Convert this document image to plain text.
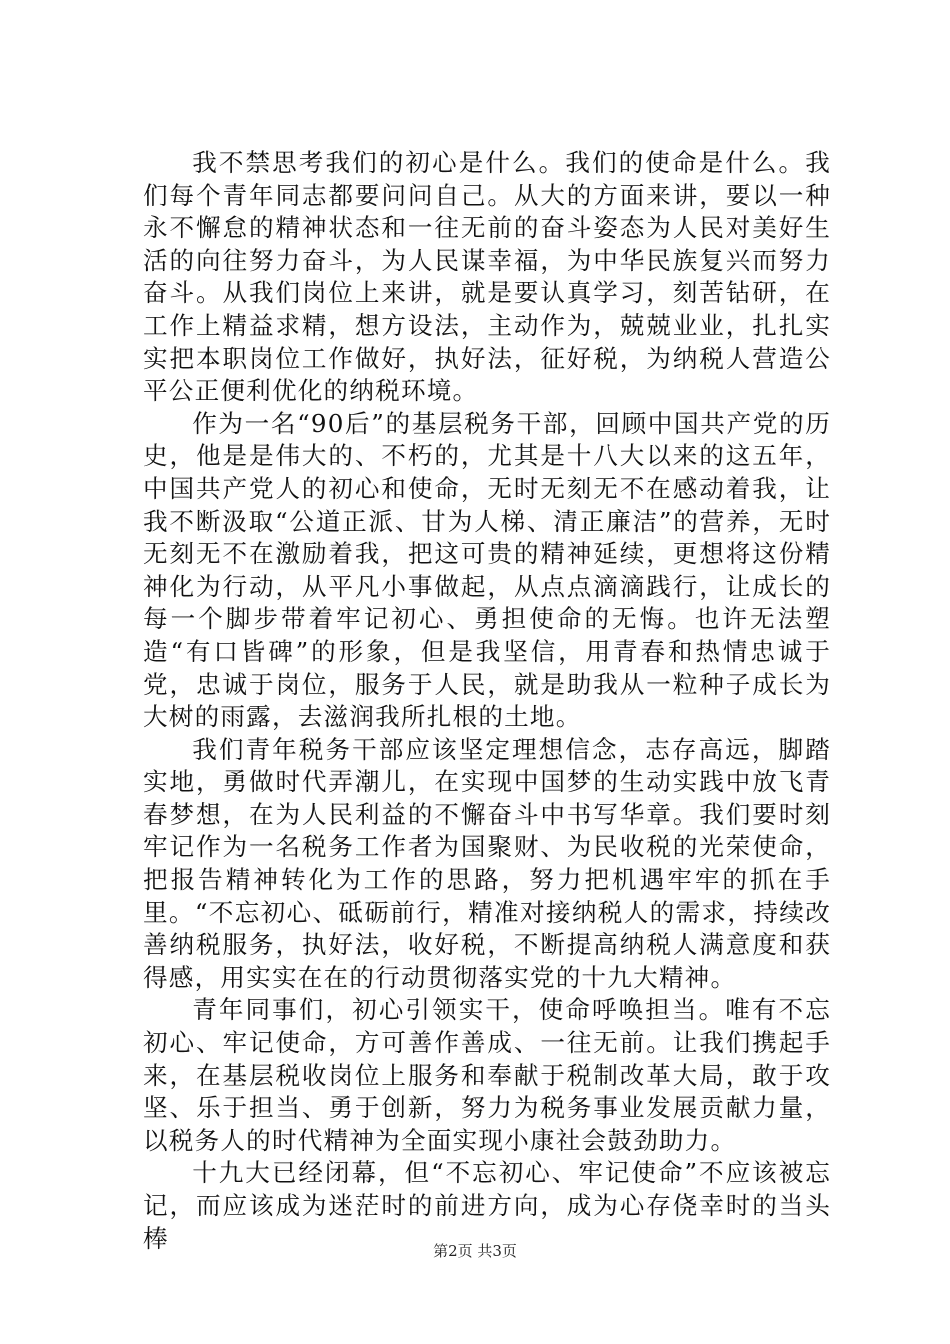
我不禁思考我们的初心是什么。我们的使命是什么。我们每个青年同志都要问问自己。从大的方面来讲，要以一种永不懈怠的精神状态和一往无前的奋斗姿态为人民对美好生活的向往努力奋斗，为人民谋幸福，为中华民族复兴而努力奋斗。从我们岗位上来讲，就是要认真学习，刻苦钻研，在工作上精益求精，想方设法，主动作为，兢兢业业，扎扎实实把本职岗位工作做好，执好法，征好税，为纳税人营造公平公正便利优化的纳税环境。

作为一名“90后”的基层税务干部，回顾中国共产党的历史，他是是伟大的、不朽的，尤其是十八大以来的这五年，中国共产党人的初心和使命，无时无刻无不在感动着我，让我不断汲取“公道正派、甘为人梯、清正廉洁”的营养，无时无刻无不在激励着我，把这可贵的精神延续，更想将这份精神化为行动，从平凡小事做起，从点点滴滴践行，让成长的每一个脚步带着牢记初心、勇担使命的无悔。也许无法塑造“有口皆碑”的形象，但是我坚信，用青春和热情忠诚于党，忠诚于岗位，服务于人民，就是助我从一粒种子成长为大树的雨露，去滋润我所扎根的土地。

我们青年税务干部应该坚定理想信念，志存高远，脚踏实地，勇做时代弄潮儿，在实现中国梦的生动实践中放飞青春梦想，在为人民利益的不懈奋斗中书写华章。我们要时刻牢记作为一名税务工作者为国聚财、为民收税的光荣使命，把报告精神转化为工作的思路，努力把机遇牢牢的抓在手里。“不忘初心、砥砺前行，精准对接纳税人的需求，持续改善纳税服务，执好法，收好税，不断提高纳税人满意度和获得感，用实实在在的行动贯彻落实党的十九大精神。

青年同事们，初心引领实干，使命呼唤担当。唯有不忘初心、牢记使命，方可善作善成、一往无前。让我们携起手来，在基层税收岗位上服务和奉献于税制改革大局，敢于攻坚、乐于担当、勇于创新，努力为税务事业发展贡献力量，以税务人的时代精神为全面实现小康社会鼓劲助力。

十九大已经闭幕，但“不忘初心、牢记使命”不应该被忘记，而应该成为迷茫时的前进方向，成为心存侥幸时的当头棒	第2页 共3页
